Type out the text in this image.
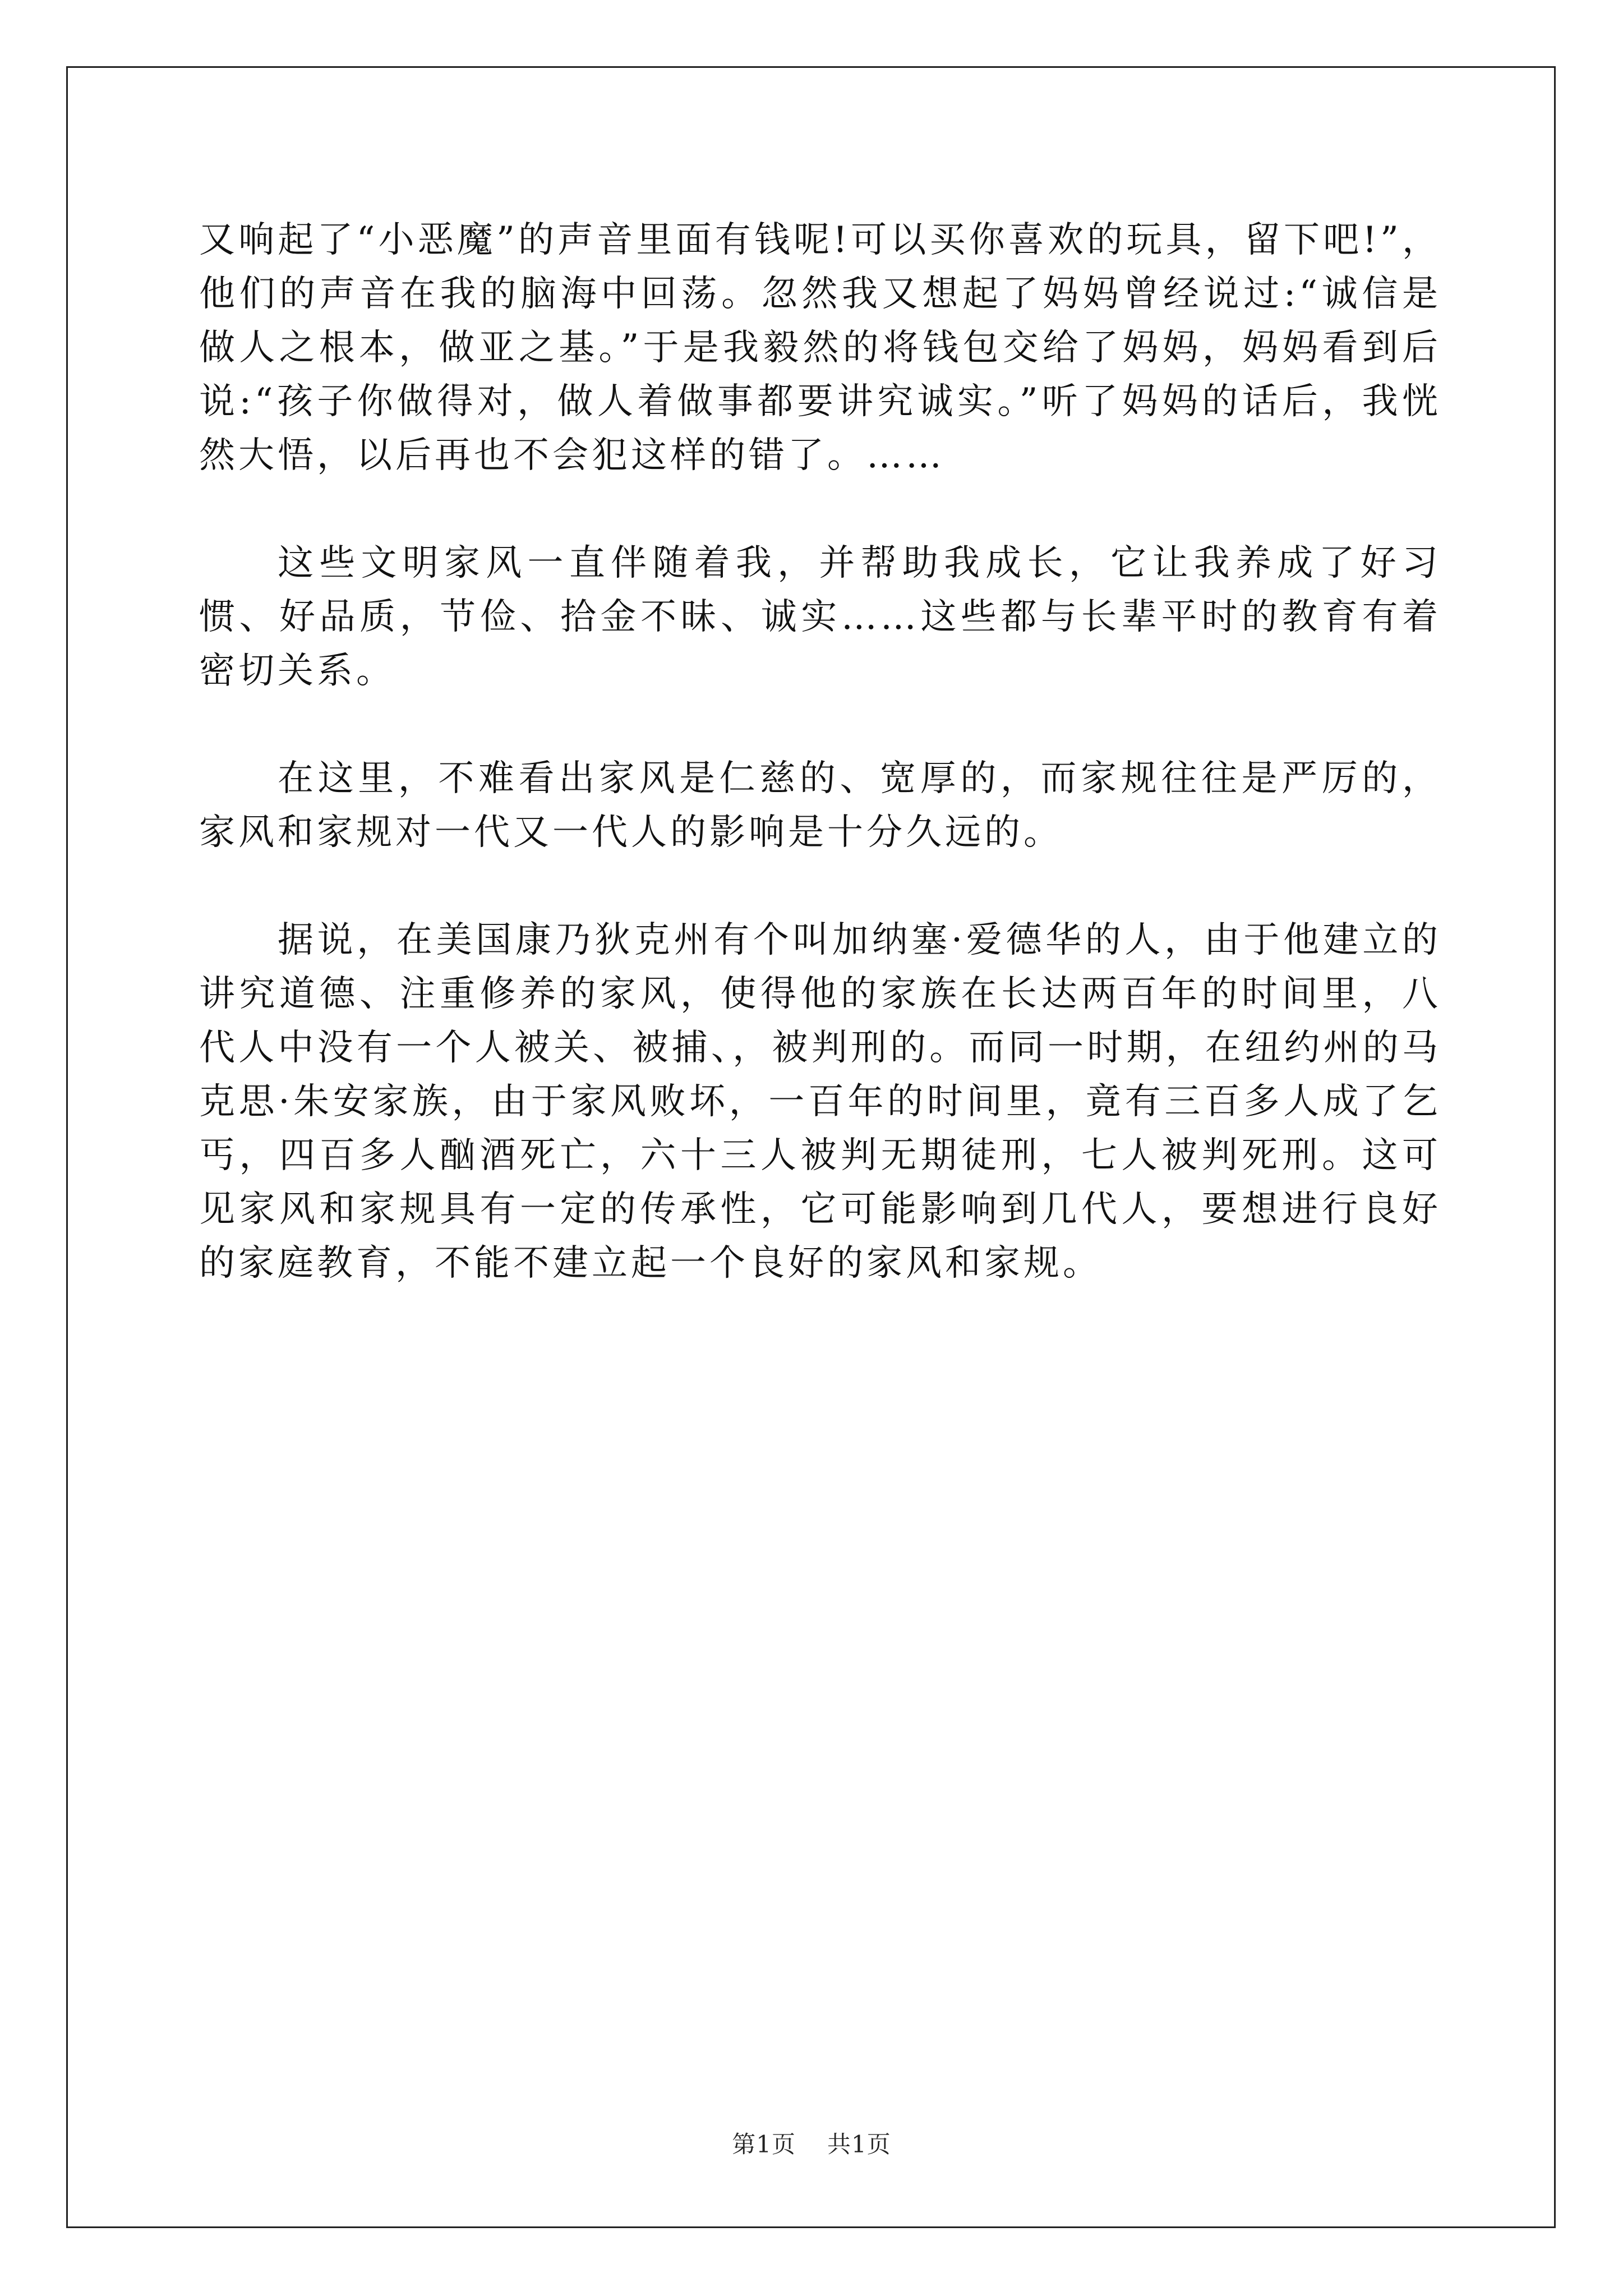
又响起了“小恶魔”的声音里面有钱呢!可以买你喜欢的玩具，留下吧!”，他们的声音在我的脑海中回荡。忽然我又想起了妈妈曾经说过:“诚信是做人之根本，做亚之基。”于是我毅然的将钱包交给了妈妈，妈妈看到后说:“孩子你做得对，做人着做事都要讲究诚实。”听了妈妈的话后，我恍然大悟，以后再也不会犯这样的错了。……

这些文明家风一直伴随着我，并帮助我成长，它让我养成了好习惯、好品质，节俭、拾金不昧、诚实……这些都与长辈平时的教育有着密切关系。

在这里，不难看出家风是仁慈的、宽厚的，而家规往往是严厉的，家风和家规对一代又一代人的影响是十分久远的。

据说，在美国康乃狄克州有个叫加纳塞·爱德华的人，由于他建立的讲究道德、注重修养的家风，使得他的家族在长达两百年的时间里，八代人中没有一个人被关、被捕、，被判刑的。而同一时期，在纽约州的马克思·朱安家族，由于家风败坏，一百年的时间里，竟有三百多人成了乞丐，四百多人酗酒死亡，六十三人被判无期徒刑，七人被判死刑。这可见家风和家规具有一定的传承性，它可能影响到几代人，要想进行良好的家庭教育，不能不建立起一个良好的家风和家规。

第1页 共1页
